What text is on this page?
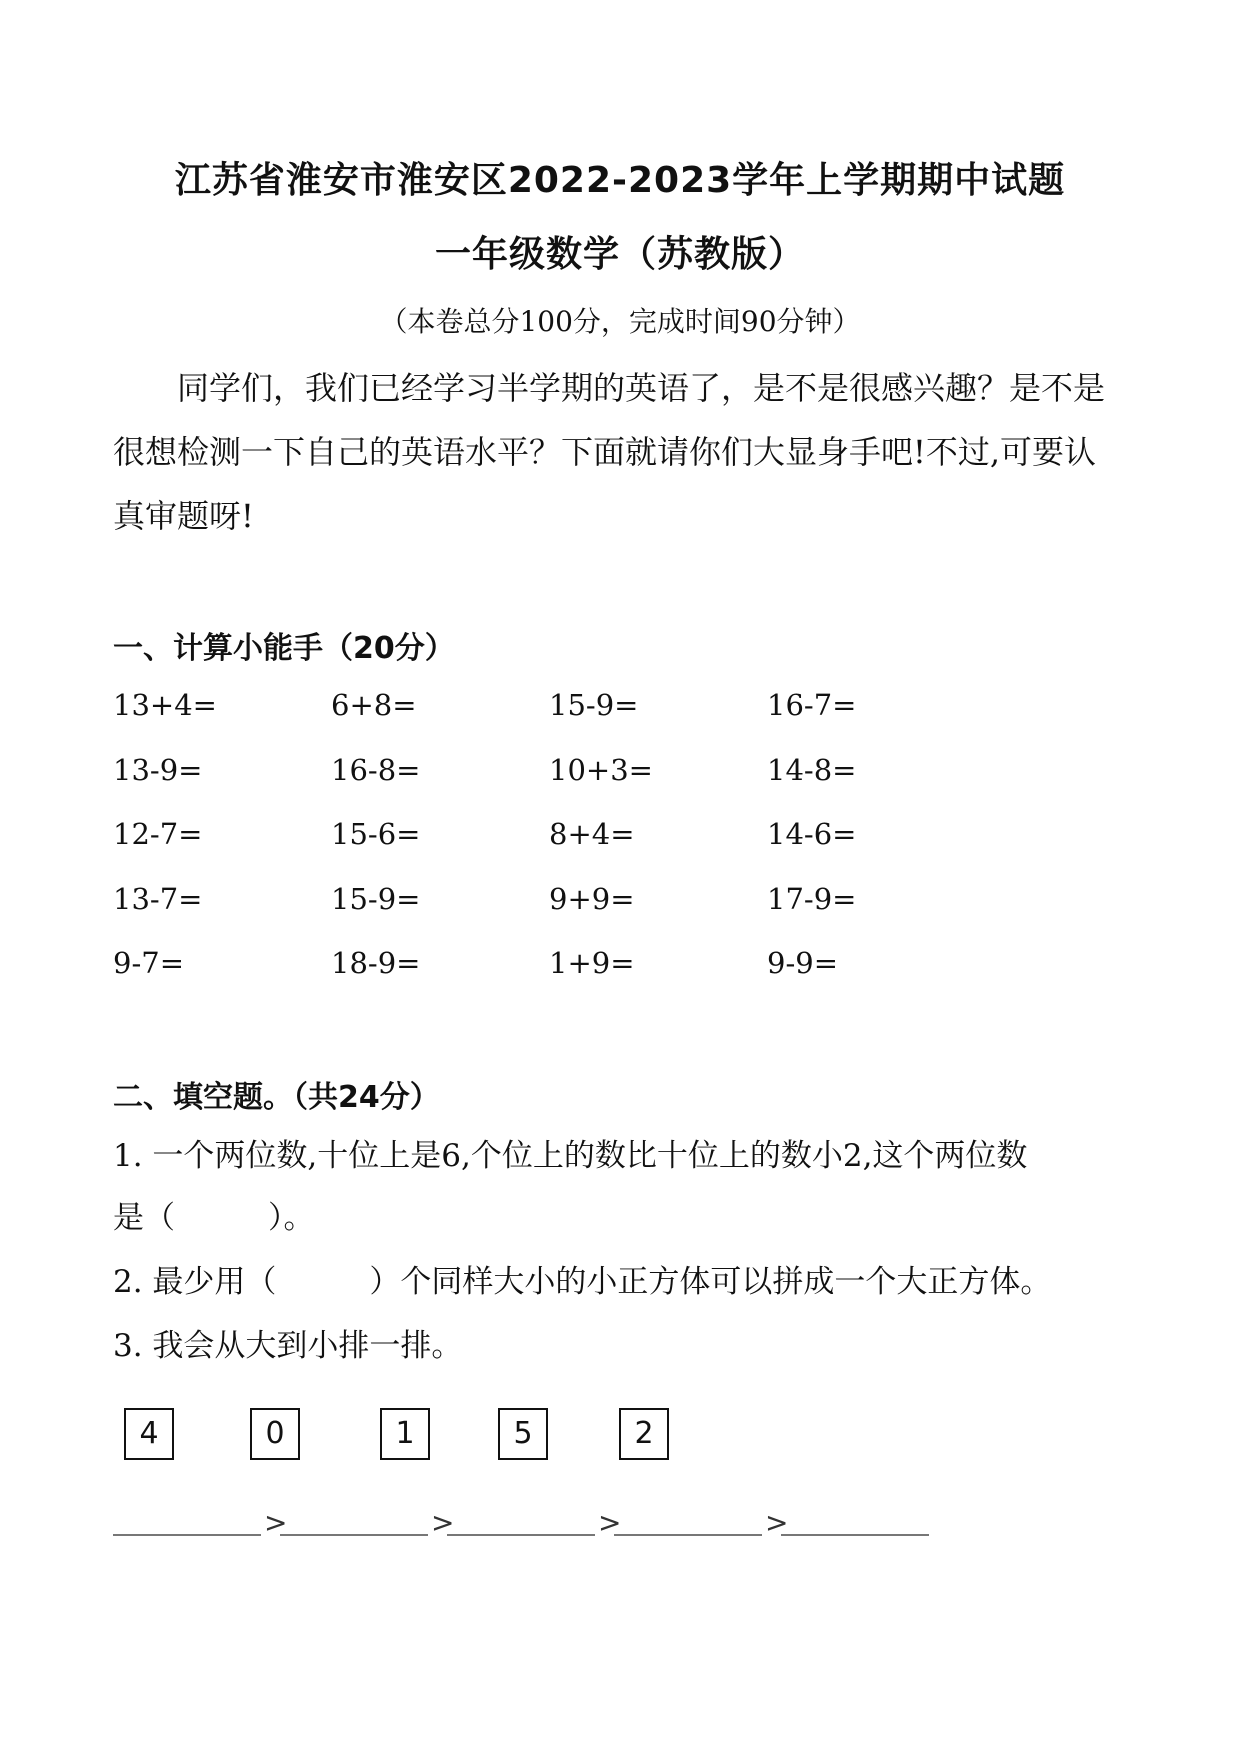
江苏省淮安市淮安区2022-2023学年上学期期中试题
一年级数学（苏教版）
（本卷总分100分，完成时间90分钟）

同学们，我们已经学习半学期的英语了，是不是很感兴趣？是不是很想检测一下自己的英语水平？下面就请你们大显身手吧!不过,可要认真审题呀!

一、计算小能手（20分）
13+4=	6+8=	15-9=	16-7=
13-9=	16-8=	10+3=	14-8=
12-7=	15-6=	8+4=	14-6=
13-7=	15-9=	9+9=	17-9=
9-7=	18-9=	1+9=	9-9=
二、填空题。（共24分）
1. 一个两位数,十位上是6,个位上的数比十位上的数小2,这个两位数
是（　　　）。
2. 最少用（　　　）个同样大小的小正方体可以拼成一个大正方体。
3. 我会从大到小排一排。
4	0	1	5	2
>	>	>	>
